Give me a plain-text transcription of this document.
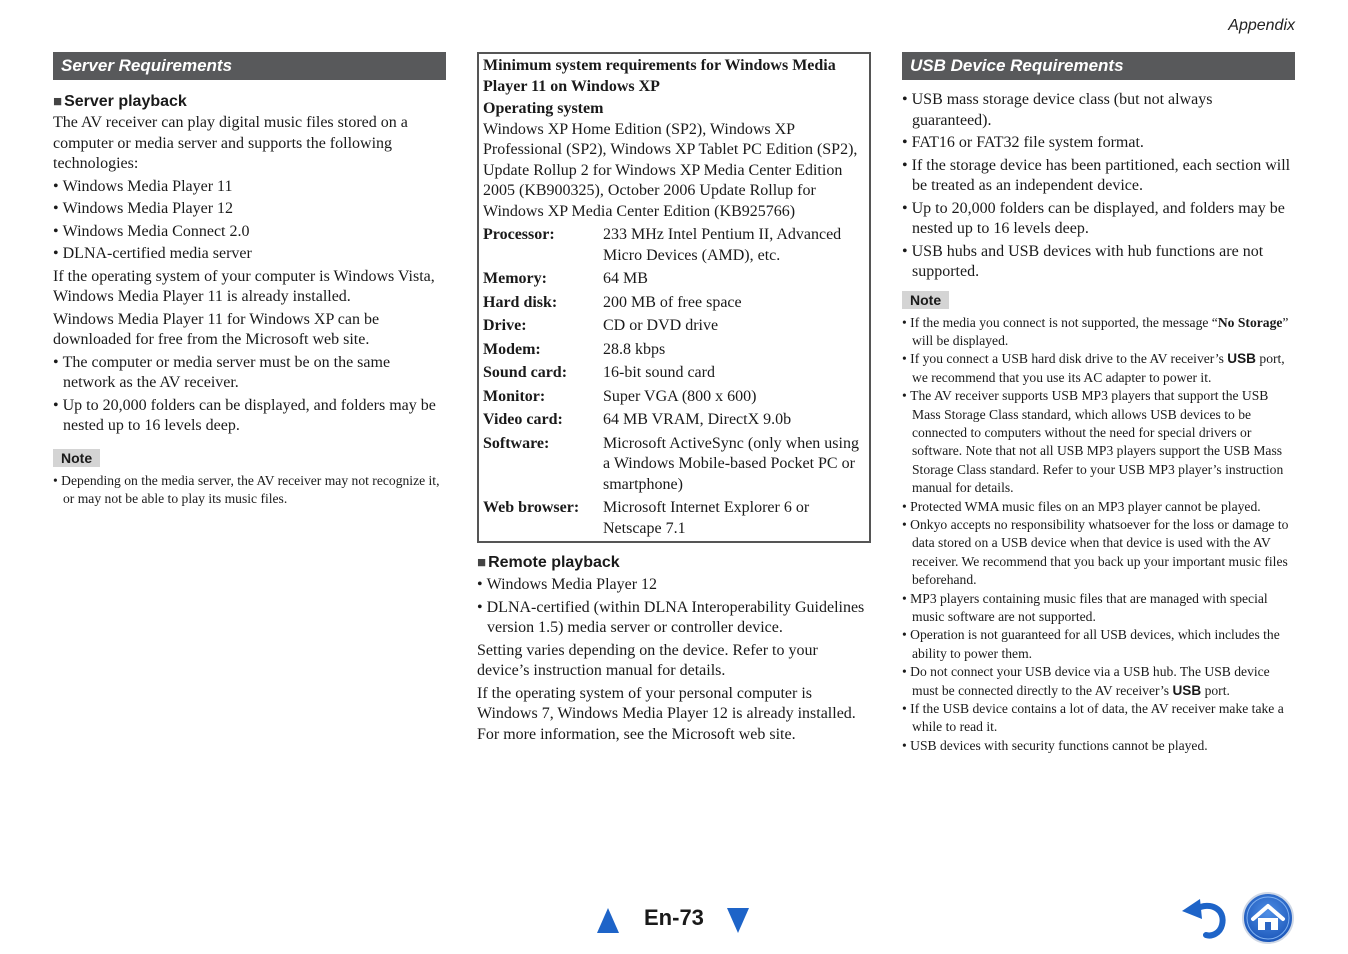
Appendix
Server Requirements
■ Server playback

The AV receiver can play digital music files stored on a computer or media server and supports the following technologies:

• Windows Media Player 11
• Windows Media Player 12
• Windows Media Connect 2.0
• DLNA-certified media server

If the operating system of your computer is Windows Vista, Windows Media Player 11 is already installed.

Windows Media Player 11 for Windows XP can be downloaded for free from the Microsoft web site.

• The computer or media server must be on the same network as the AV receiver.
• Up to 20,000 folders can be displayed, and folders may be nested up to 16 levels deep.
Note
• Depending on the media server, the AV receiver may not recognize it, or may not be able to play its music files.
Minimum system requirements for Windows Media Player 11 on Windows XP
Operating system

Windows XP Home Edition (SP2), Windows XP Professional (SP2), Windows XP Tablet PC Edition (SP2), Update Rollup 2 for Windows XP Media Center Edition 2005 (KB900325), October 2006 Update Rollup for Windows XP Media Center Edition (KB925766)

Processor:	233 MHz Intel Pentium II, Advanced Micro Devices (AMD), etc.
Memory:	64 MB
Hard disk:	200 MB of free space
Drive:	CD or DVD drive
Modem:	28.8 kbps
Sound card:	16-bit sound card
Monitor:	Super VGA (800 x 600)
Video card:	64 MB VRAM, DirectX 9.0b
Software:	Microsoft ActiveSync (only when using a Windows Mobile-based Pocket PC or smartphone)
Web browser:	Microsoft Internet Explorer 6 or Netscape 7.1
■ Remote playback
• Windows Media Player 12
• DLNA-certified (within DLNA Interoperability Guidelines version 1.5) media server or controller device.

Setting varies depending on the device. Refer to your device’s instruction manual for details.

If the operating system of your personal computer is Windows 7, Windows Media Player 12 is already installed. For more information, see the Microsoft web site.

USB Device Requirements
• USB mass storage device class (but not always guaranteed).
• FAT16 or FAT32 file system format.
• If the storage device has been partitioned, each section will be treated as an independent device.
• Up to 20,000 folders can be displayed, and folders may be nested up to 16 levels deep.
• USB hubs and USB devices with hub functions are not supported.
Note
• If the media you connect is not supported, the message “No Storage” will be displayed.
• If you connect a USB hard disk drive to the AV receiver’s USB port, we recommend that you use its AC adapter to power it.
• The AV receiver supports USB MP3 players that support the USB Mass Storage Class standard, which allows USB devices to be connected to computers without the need for special drivers or software. Note that not all USB MP3 players support the USB Mass Storage Class standard. Refer to your USB MP3 player’s instruction manual for details.
• Protected WMA music files on an MP3 player cannot be played.
• Onkyo accepts no responsibility whatsoever for the loss or damage to data stored on a USB device when that device is used with the AV receiver. We recommend that you back up your important music files beforehand.
• MP3 players containing music files that are managed with special music software are not supported.
• Operation is not guaranteed for all USB devices, which includes the ability to power them.
• Do not connect your USB device via a USB hub. The USB device must be connected directly to the AV receiver’s USB port.
• If the USB device contains a lot of data, the AV receiver make take a while to read it.
• USB devices with security functions cannot be played.
En-73
